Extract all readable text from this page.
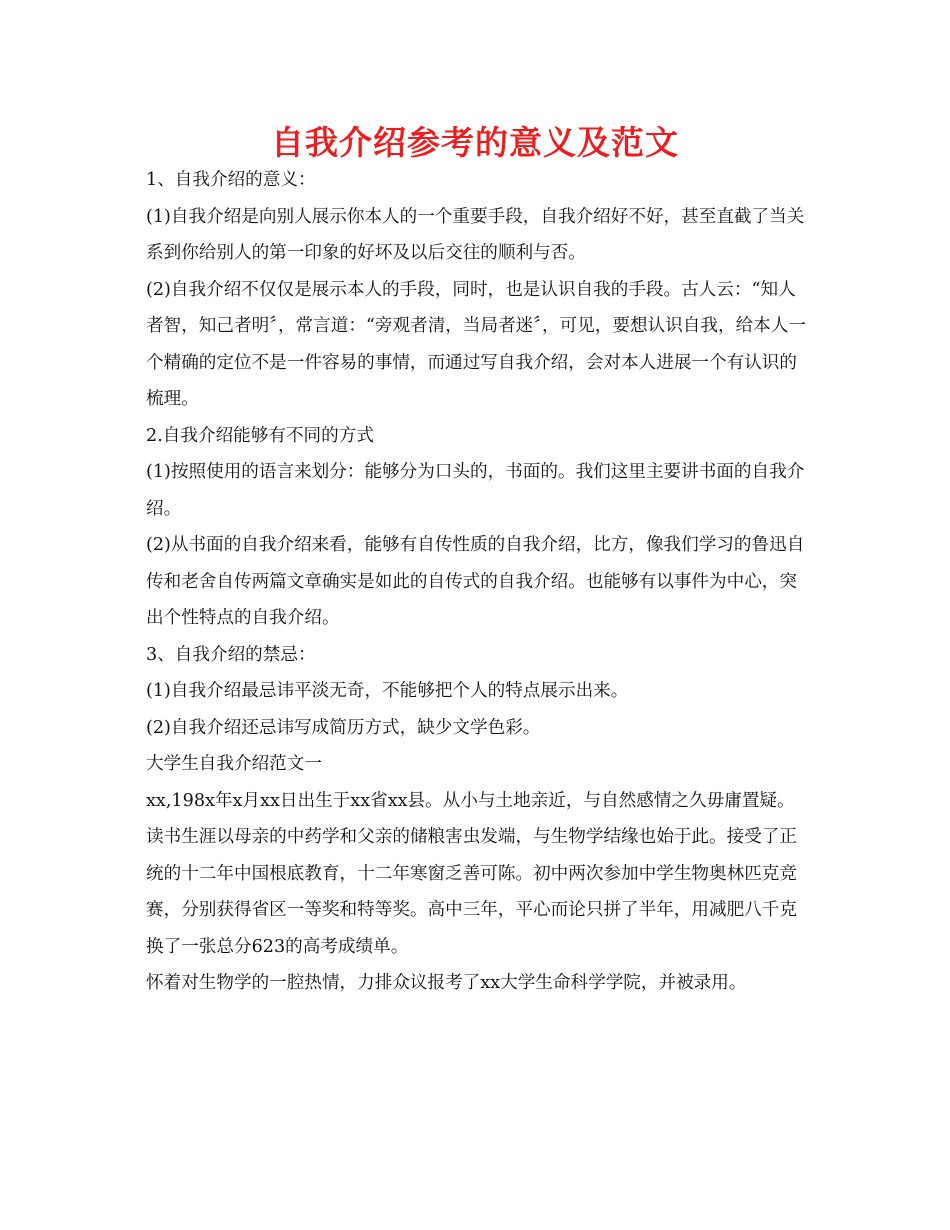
自我介绍参考的意义及范文

1、自我介绍的意义：

(1)自我介绍是向别人展示你本人的一个重要手段，自我介绍好不好，甚至直截了当关系到你给别人的第一印象的好坏及以后交往的顺利与否。

(2)自我介绍不仅仅是展示本人的手段，同时，也是认识自我的手段。古人云：“知人者智，知己者明〞，常言道：“旁观者清，当局者迷〞，可见，要想认识自我，给本人一个精确的定位不是一件容易的事情，而通过写自我介绍，会对本人进展一个有认识的梳理。

2.自我介绍能够有不同的方式

(1)按照使用的语言来划分：能够分为口头的，书面的。我们这里主要讲书面的自我介绍。

(2)从书面的自我介绍来看，能够有自传性质的自我介绍，比方，像我们学习的鲁迅自传和老舍自传两篇文章确实是如此的自传式的自我介绍。也能够有以事件为中心，突出个性特点的自我介绍。

3、自我介绍的禁忌：

(1)自我介绍最忌讳平淡无奇，不能够把个人的特点展示出来。

(2)自我介绍还忌讳写成简历方式，缺少文学色彩。

大学生自我介绍范文一

xx,198x年x月xx日出生于xx省xx县。从小与土地亲近，与自然感情之久毋庸置疑。

读书生涯以母亲的中药学和父亲的储粮害虫发端，与生物学结缘也始于此。接受了正统的十二年中国根底教育，十二年寒窗乏善可陈。初中两次参加中学生物奥林匹克竞赛，分别获得省区一等奖和特等奖。高中三年，平心而论只拼了半年，用减肥八千克换了一张总分623的高考成绩单。

怀着对生物学的一腔热情，力排众议报考了xx大学生命科学学院，并被录用。
